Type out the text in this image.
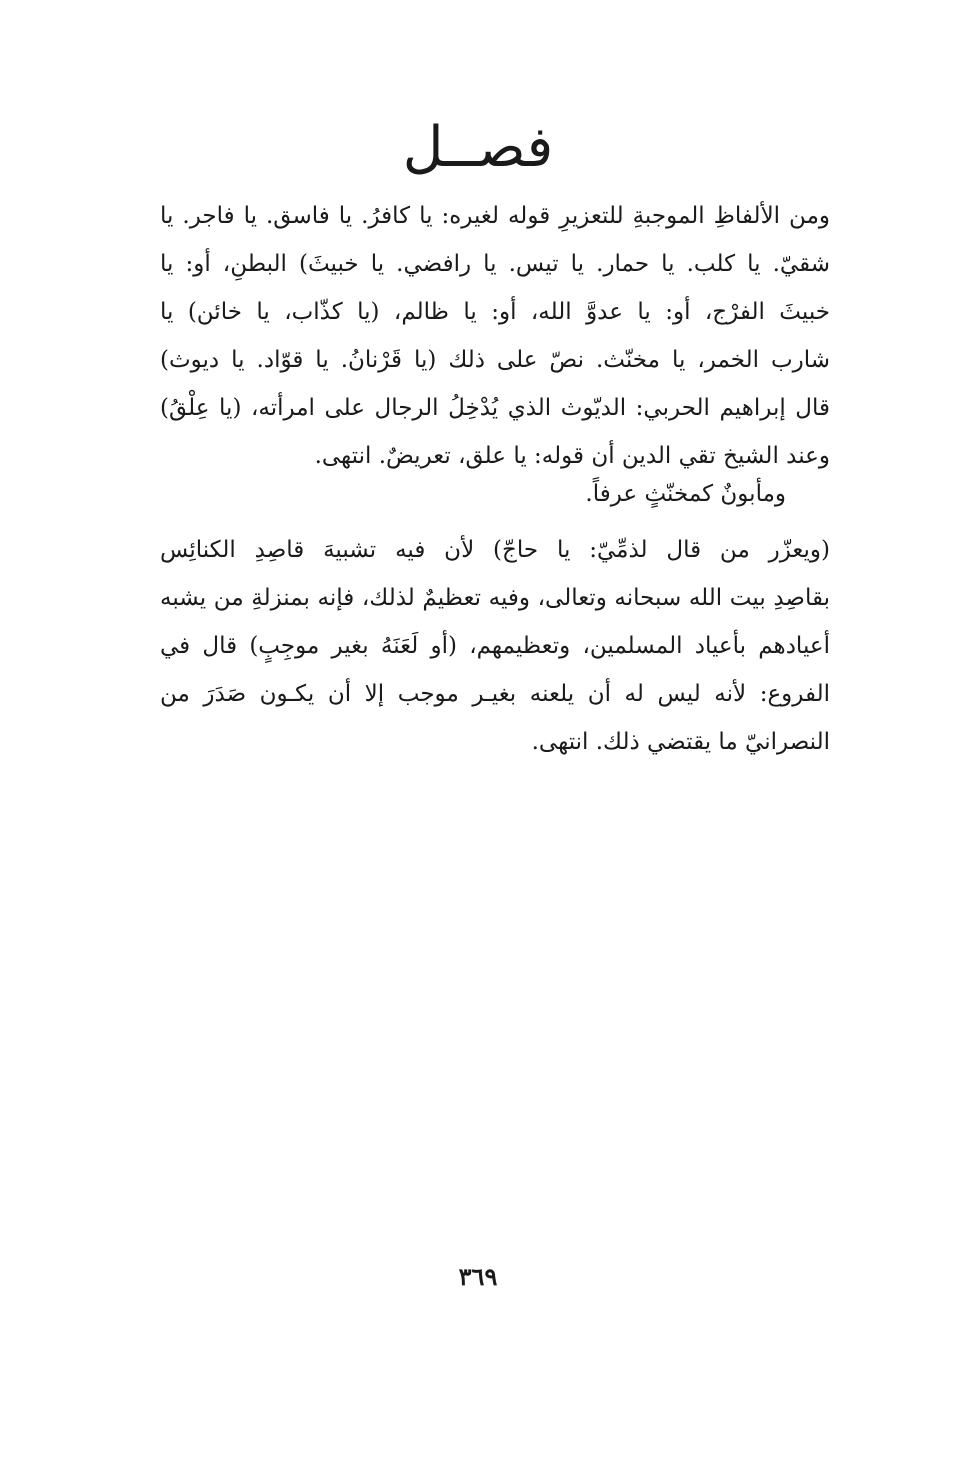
فصــل
ومن الألفاظِ الموجبةِ للتعزيرِ قوله لغيره: يا كافرُ. يا فاسق. يا فاجر. يا
شقيّ. يا كلب. يا حمار. يا تيس. يا رافضي. يا خبيثَ) البطنِ، أو: يا
خبيثَ الفرْج، أو: يا عدوَّ الله، أو: يا ظالم، (يا كذّاب، يا خائن) يا
شارب الخمر، يا مخنّث. نصّ على ذلك (يا قَرْنانُ. يا قوّاد. يا ديوث)
قال إبراهيم الحربي: الديّوث الذي يُدْخِلُ الرجال على امرأته، (يا عِلْقُ)
وعند الشيخ تقي الدين أن قوله: يا علق، تعريضٌ. انتهى.
ومأبونٌ كمخنّثٍ عرفاً.
(ويعزّر من قال لذمِّيّ: يا حاجّ) لأن فيه تشبيهَ قاصِدِ الكنائِس
بقاصِدِ بيت الله سبحانه وتعالى، وفيه تعظيمٌ لذلك، فإنه بمنزلةِ من يشبه
أعيادهم بأعياد المسلمين، وتعظيمهم، (أو لَعَنَهُ بغير موجِبٍ) قال في
الفروع: لأنه ليس له أن يلعنه بغيـر موجب إلا أن يكـون صَدَرَ من
النصرانيّ ما يقتضي ذلك. انتهى.
٣٦٩
